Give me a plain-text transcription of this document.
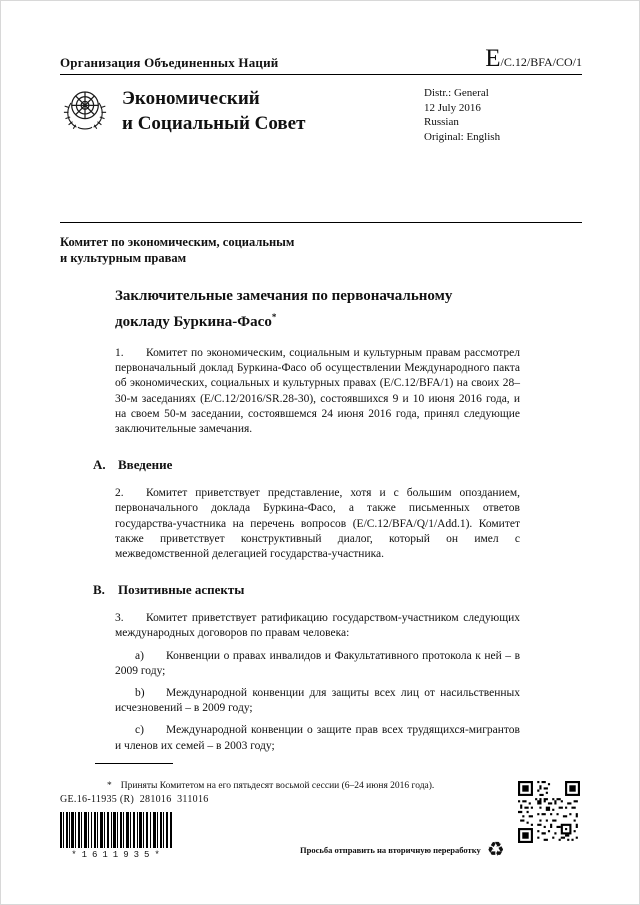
Организация Объединенных Наций	E /C.12/BFA/CO/1
Экономический
и Социальный Совет
Distr.: General
12 July 2016
Russian
Original: English
Комитет по экономическим, социальным
и культурным правам
Заключительные замечания по первоначальному
докладу Буркина-Фасо*

1. Комитет по экономическим, социальным и культурным правам рассмотрел первоначальный доклад Буркина-Фасо об осуществлении Международного пакта об экономических, социальных и культурных правах (E/C.12/BFA/1) на своих 28–30-м заседаниях (E/C.12/2016/SR.28-30), состоявшихся 9 и 10 июня 2016 года, и на своем 50-м заседании, состоявшемся 24 июня 2016 года, принял следующие заключительные замечания.

A. Введение

2. Комитет приветствует представление, хотя и с большим опозданием, первоначального доклада Буркина-Фасо, а также письменных ответов государства-участника на перечень вопросов (E/C.12/BFA/Q/1/Add.1). Комитет также приветствует конструктивный диалог, который он имел с межведомственной делегацией государства-участника.

B. Позитивные аспекты

3. Комитет приветствует ратификацию государством-участником следующих международных договоров по правам человека:

a) Конвенции о правах инвалидов и Факультативного протокола к ней – в 2009 году;

b) Международной конвенции для защиты всех лиц от насильственных исчезновений – в 2009 году;

c) Международной конвенции о защите прав всех трудящихся-мигрантов и членов их семей – в 2003 году;

* Приняты Комитетом на его пятьдесят восьмой сессии (6–24 июня 2016 года).

GE.16-11935 (R)  281016  311016
*1611935*	Просьба отправить на вторичную переработку ♻
